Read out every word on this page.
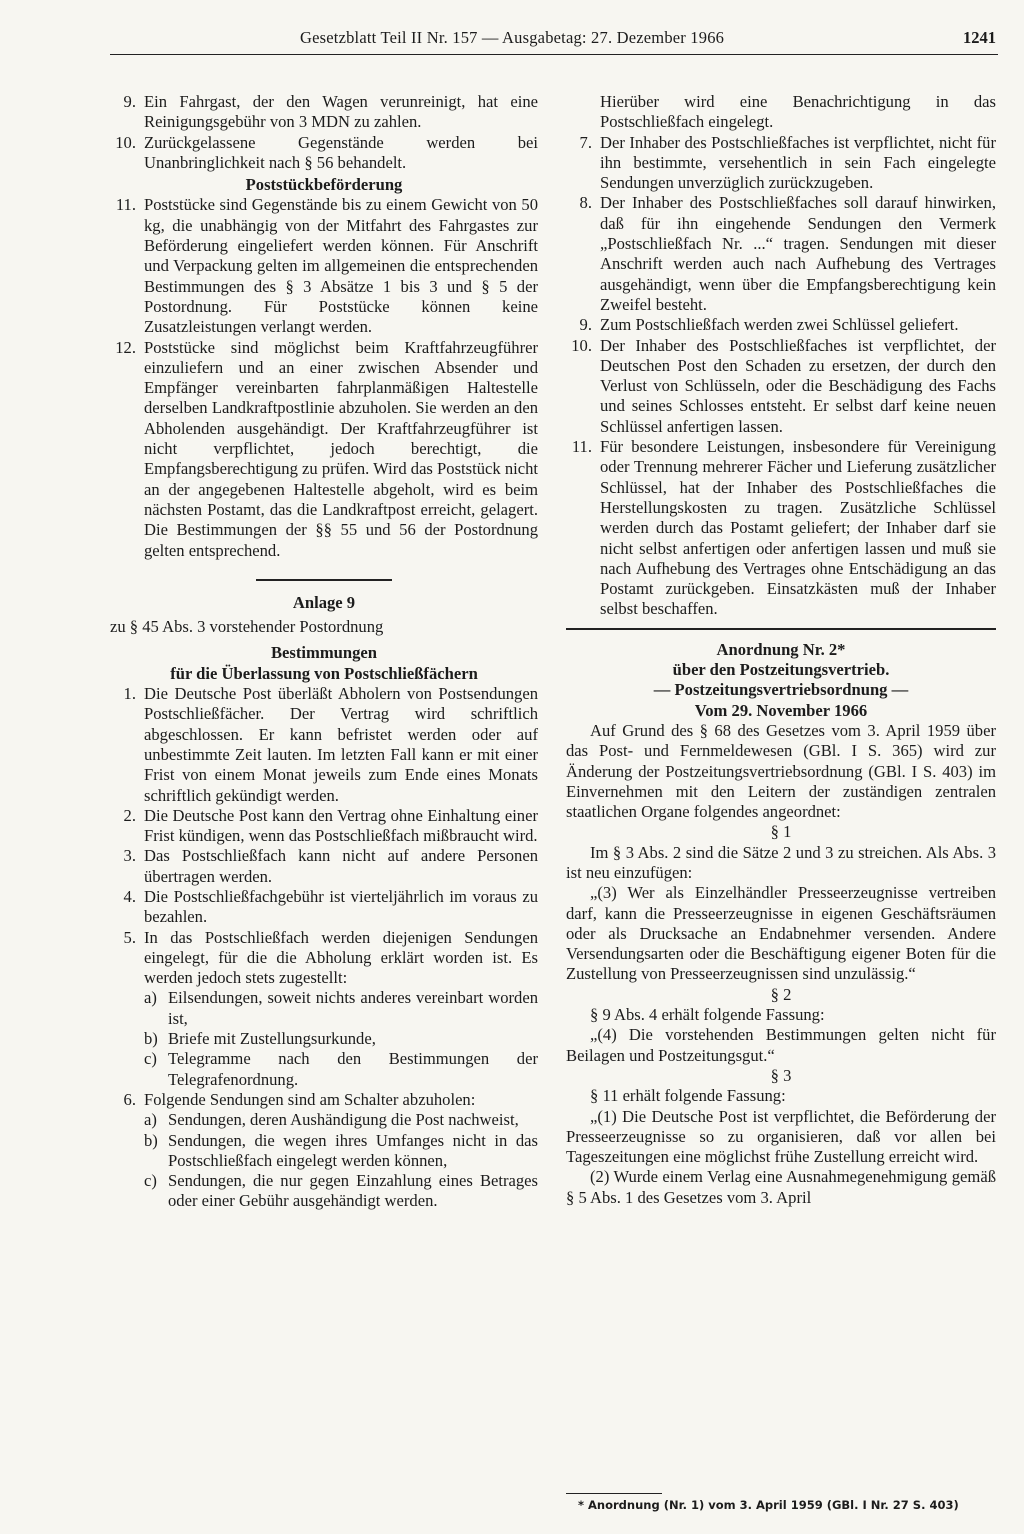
Gesetzblatt Teil II Nr. 157 — Ausgabetag: 27. Dezember 1966	1241
9. Ein Fahrgast, der den Wagen verunreinigt, hat eine Reinigungsgebühr von 3 MDN zu zahlen.
10. Zurückgelassene Gegenstände werden bei Unanbringlichkeit nach § 56 behandelt.
Poststückbeförderung
11. Poststücke sind Gegenstände bis zu einem Gewicht von 50 kg, die unabhängig von der Mitfahrt des Fahrgastes zur Beförderung eingeliefert werden können. Für Anschrift und Verpackung gelten im allgemeinen die entsprechenden Bestimmungen des § 3 Absätze 1 bis 3 und § 5 der Postordnung. Für Poststücke können keine Zusatzleistungen verlangt werden.
12. Poststücke sind möglichst beim Kraftfahrzeugführer einzuliefern und an einer zwischen Absender und Empfänger vereinbarten fahrplanmäßigen Haltestelle derselben Landkraftpostlinie abzuholen. Sie werden an den Abholenden ausgehändigt. Der Kraftfahrzeugführer ist nicht verpflichtet, jedoch berechtigt, die Empfangsberechtigung zu prüfen. Wird das Poststück nicht an der angegebenen Haltestelle abgeholt, wird es beim nächsten Postamt, das die Landkraftpost erreicht, gelagert. Die Bestimmungen der §§ 55 und 56 der Postordnung gelten entsprechend.
Anlage 9
zu § 45 Abs. 3 vorstehender Postordnung
Bestimmungen
für die Überlassung von Postschließfächern
1. Die Deutsche Post überläßt Abholern von Postsendungen Postschließfächer. Der Vertrag wird schriftlich abgeschlossen. Er kann befristet werden oder auf unbestimmte Zeit lauten. Im letzten Fall kann er mit einer Frist von einem Monat jeweils zum Ende eines Monats schriftlich gekündigt werden.
2. Die Deutsche Post kann den Vertrag ohne Einhaltung einer Frist kündigen, wenn das Postschließfach mißbraucht wird.
3. Das Postschließfach kann nicht auf andere Personen übertragen werden.
4. Die Postschließfachgebühr ist vierteljährlich im voraus zu bezahlen.
5. In das Postschließfach werden diejenigen Sendungen eingelegt, für die die Abholung erklärt worden ist. Es werden jedoch stets zugestellt:
a) Eilsendungen, soweit nichts anderes vereinbart worden ist,
b) Briefe mit Zustellungsurkunde,
c) Telegramme nach den Bestimmungen der Telegrafenordnung.
6. Folgende Sendungen sind am Schalter abzuholen:
a) Sendungen, deren Aushändigung die Post nachweist,
b) Sendungen, die wegen ihres Umfanges nicht in das Postschließfach eingelegt werden können,
c) Sendungen, die nur gegen Einzahlung eines Betrages oder einer Gebühr ausgehändigt werden.
Hierüber wird eine Benachrichtigung in das Postschließfach eingelegt.
7. Der Inhaber des Postschließfaches ist verpflichtet, nicht für ihn bestimmte, versehentlich in sein Fach eingelegte Sendungen unverzüglich zurückzugeben.
8. Der Inhaber des Postschließfaches soll darauf hinwirken, daß für ihn eingehende Sendungen den Vermerk „Postschließfach Nr. ...“ tragen. Sendungen mit dieser Anschrift werden auch nach Aufhebung des Vertrages ausgehändigt, wenn über die Empfangsberechtigung kein Zweifel besteht.
9. Zum Postschließfach werden zwei Schlüssel geliefert.
10. Der Inhaber des Postschließfaches ist verpflichtet, der Deutschen Post den Schaden zu ersetzen, der durch den Verlust von Schlüsseln, oder die Beschädigung des Fachs und seines Schlosses entsteht. Er selbst darf keine neuen Schlüssel anfertigen lassen.
11. Für besondere Leistungen, insbesondere für Vereinigung oder Trennung mehrerer Fächer und Lieferung zusätzlicher Schlüssel, hat der Inhaber des Postschließfaches die Herstellungskosten zu tragen. Zusätzliche Schlüssel werden durch das Postamt geliefert; der Inhaber darf sie nicht selbst anfertigen oder anfertigen lassen und muß sie nach Aufhebung des Vertrages ohne Entschädigung an das Postamt zurückgeben. Einsatzkästen muß der Inhaber selbst beschaffen.
Anordnung Nr. 2*
über den Postzeitungsvertrieb.
— Postzeitungsvertriebsordnung —
Vom 29. November 1966
Auf Grund des § 68 des Gesetzes vom 3. April 1959 über das Post- und Fernmeldewesen (GBl. I S. 365) wird zur Änderung der Postzeitungsvertriebsordnung (GBl. I S. 403) im Einvernehmen mit den Leitern der zuständigen zentralen staatlichen Organe folgendes angeordnet:
§ 1
Im § 3 Abs. 2 sind die Sätze 2 und 3 zu streichen. Als Abs. 3 ist neu einzufügen:
„(3) Wer als Einzelhändler Presseerzeugnisse vertreiben darf, kann die Presseerzeugnisse in eigenen Geschäftsräumen oder als Drucksache an Endabnehmer versenden. Andere Versendungsarten oder die Beschäftigung eigener Boten für die Zustellung von Presseerzeugnissen sind unzulässig.“
§ 2
§ 9 Abs. 4 erhält folgende Fassung:
„(4) Die vorstehenden Bestimmungen gelten nicht für Beilagen und Postzeitungsgut.“
§ 3
§ 11 erhält folgende Fassung:
„(1) Die Deutsche Post ist verpflichtet, die Beförderung der Presseerzeugnisse so zu organisieren, daß vor allen bei Tageszeitungen eine möglichst frühe Zustellung erreicht wird.
(2) Wurde einem Verlag eine Ausnahmegenehmigung gemäß § 5 Abs. 1 des Gesetzes vom 3. April
* Anordnung (Nr. 1) vom 3. April 1959 (GBl. I Nr. 27 S. 403)
